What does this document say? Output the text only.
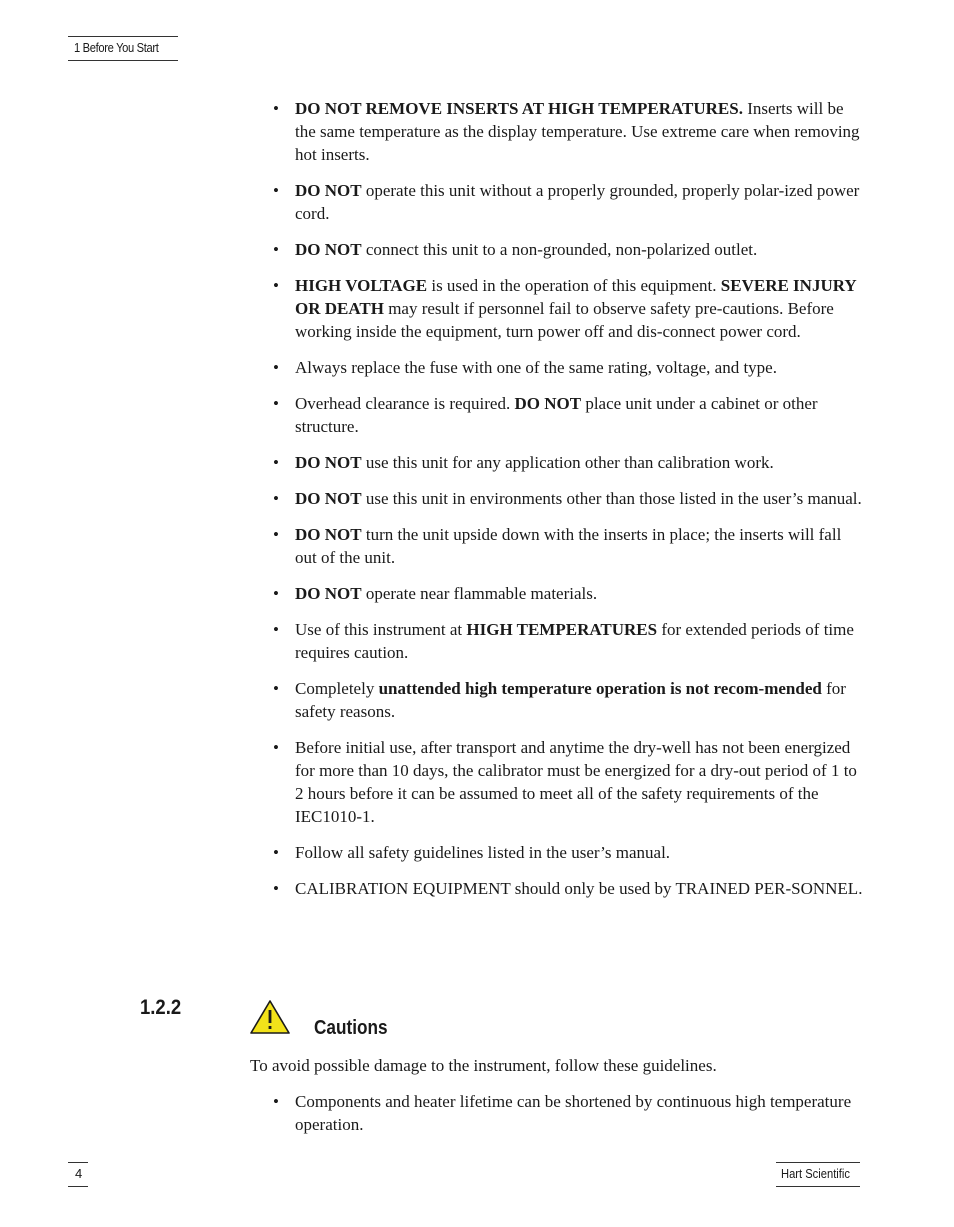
1 Before You Start
• DO NOT REMOVE INSERTS AT HIGH TEMPERATURES. Inserts will be the same temperature as the display temperature. Use extreme care when removing hot inserts.
• DO NOT operate this unit without a properly grounded, properly polar-ized power cord.
• DO NOT connect this unit to a non-grounded, non-polarized outlet.
• HIGH VOLTAGE is used in the operation of this equipment. SEVERE INJURY OR DEATH may result if personnel fail to observe safety pre-cautions. Before working inside the equipment, turn power off and dis-connect power cord.
• Always replace the fuse with one of the same rating, voltage, and type.
• Overhead clearance is required. DO NOT place unit under a cabinet or other structure.
• DO NOT use this unit for any application other than calibration work.
• DO NOT use this unit in environments other than those listed in the user’s manual.
• DO NOT turn the unit upside down with the inserts in place; the inserts will fall out of the unit.
• DO NOT operate near flammable materials.
• Use of this instrument at HIGH TEMPERATURES for extended periods of time requires caution.
• Completely unattended high temperature operation is not recom-mended for safety reasons.
• Before initial use, after transport and anytime the dry-well has not been energized for more than 10 days, the calibrator must be energized for a dry-out period of 1 to 2 hours before it can be assumed to meet all of the safety requirements of the IEC1010-1.
• Follow all safety guidelines listed in the user’s manual.
• CALIBRATION EQUIPMENT should only be used by TRAINED PER-SONNEL.
1.2.2
Cautions

To avoid possible damage to the instrument, follow these guidelines.

• Components and heater lifetime can be shortened by continuous high temperature operation.
4	Hart Scientific
